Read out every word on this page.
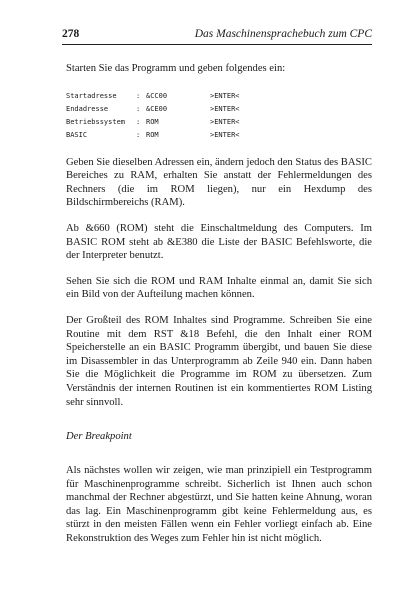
278	Das Maschinensprachebuch zum CPC

Starten Sie das Programm und geben folgendes ein:

Startadresse	: &CC00	>ENTER<
Endadresse	: &CE00	>ENTER<
Betriebssystem	: ROM	>ENTER<
BASIC	: ROM	>ENTER<

Geben Sie dieselben Adressen ein, ändern jedoch den Status des BASIC Bereiches zu RAM, erhalten Sie anstatt der Fehlermeldungen des Rechners (die im ROM liegen), nur ein Hexdump des Bildschirmbereichs (RAM).

Ab &660 (ROM) steht die Einschaltmeldung des Computers. Im BASIC ROM steht ab &E380 die Liste der BASIC Befehlsworte, die der Interpreter benutzt.

Sehen Sie sich die ROM und RAM Inhalte einmal an, damit Sie sich ein Bild von der Aufteilung machen können.

Der Großteil des ROM Inhaltes sind Programme. Schreiben Sie eine Routine mit dem RST &18 Befehl, die den Inhalt einer ROM Speicherstelle an ein BASIC Programm übergibt, und bauen Sie diese im Disassembler in das Unterprogramm ab Zeile 940 ein. Dann haben Sie die Möglichkeit die Programme im ROM zu übersetzen. Zum Verständnis der internen Routinen ist ein kommentiertes ROM Listing sehr sinnvoll.

Der Breakpoint

Als nächstes wollen wir zeigen, wie man prinzipiell ein Testprogramm für Maschinenprogramme schreibt. Sicherlich ist Ihnen auch schon manchmal der Rechner abgestürzt, und Sie hatten keine Ahnung, woran das lag. Ein Maschinenprogramm gibt keine Fehlermeldung aus, es stürzt in den meisten Fällen wenn ein Fehler vorliegt einfach ab. Eine Rekonstruktion des Weges zum Fehler hin ist nicht möglich.
